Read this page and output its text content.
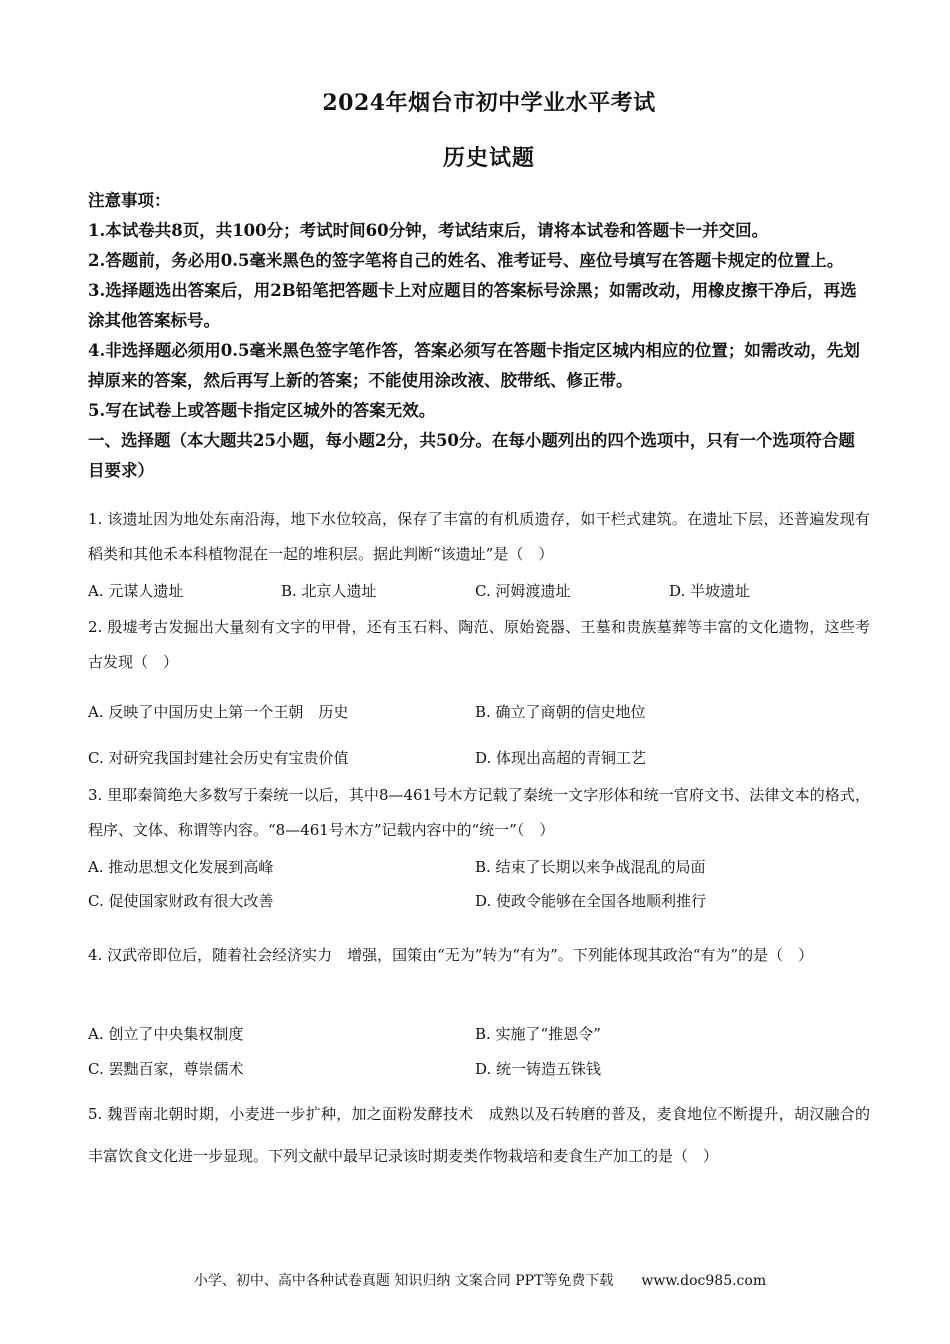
2024年烟台市初中学业水平考试
历史试题
注意事项：
1.本试卷共8页，共100分；考试时间60分钟，考试结束后，请将本试卷和答题卡一并交回。
2.答题前，务必用0.5毫米黑色的签字笔将自己的姓名、准考证号、座位号填写在答题卡规定的位置上。
3.选择题选出答案后，用2B铅笔把答题卡上对应题目的答案标号涂黑；如需改动，用橡皮擦干净后，再选涂其他答案标号。
4.非选择题必须用0.5毫米黑色签字笔作答，答案必须写在答题卡指定区城内相应的位置；如需改动，先划掉原来的答案，然后再写上新的答案；不能使用涂改液、胶带纸、修正带。
5.写在试卷上或答题卡指定区城外的答案无效。
一、选择题（本大题共25小题，每小题2分，共50分。在每小题列出的四个选项中，只有一个选项符合题目要求）
1. 该遗址因为地处东南沿海，地下水位较高，保存了丰富的有机质遗存，如干栏式建筑。在遗址下层，还普遍发现有稻类和其他禾本科植物混在一起的堆积层。据此判断“该遗址”是（　）
A. 元谋人遗址	B. 北京人遗址	C. 河姆渡遗址	D. 半坡遗址
2. 殷墟考古发掘出大量刻有文字的甲骨，还有玉石料、陶范、原始瓷器、王墓和贵族墓葬等丰富的文化遗物，这些考古发现（　）
A. 反映了中国历史上第一个王朝　历史	B. 确立了商朝的信史地位
C. 对研究我国封建社会历史有宝贵价值	D. 体现出高超的青铜工艺
3. 里耶秦简绝大多数写于秦统一以后，其中8—461号木方记载了秦统一文字形体和统一官府文书、法律文本的格式，程序、文体、称谓等内容。“8—461号木方”记载内容中的“统一”（　）
A. 推动思想文化发展到高峰	B. 结束了长期以来争战混乱的局面
C. 促使国家财政有很大改善	D. 使政令能够在全国各地顺利推行
4. 汉武帝即位后，随着社会经济实力　增强，国策由“无为”转为“有为”。下列能体现其政治“有为”的是（　）
A. 创立了中央集权制度	B. 实施了“推恩令”
C. 罢黜百家，尊崇儒术	D. 统一铸造五铢钱
5. 魏晋南北朝时期，小麦进一步扩种，加之面粉发酵技术　成熟以及石转磨的普及，麦食地位不断提升，胡汉融合的丰富饮食文化进一步显现。下列文献中最早记录该时期麦类作物栽培和麦食生产加工的是（　）
小学、初中、高中各种试卷真题 知识归纳 文案合同 PPT等免费下载　　www.doc985.com
